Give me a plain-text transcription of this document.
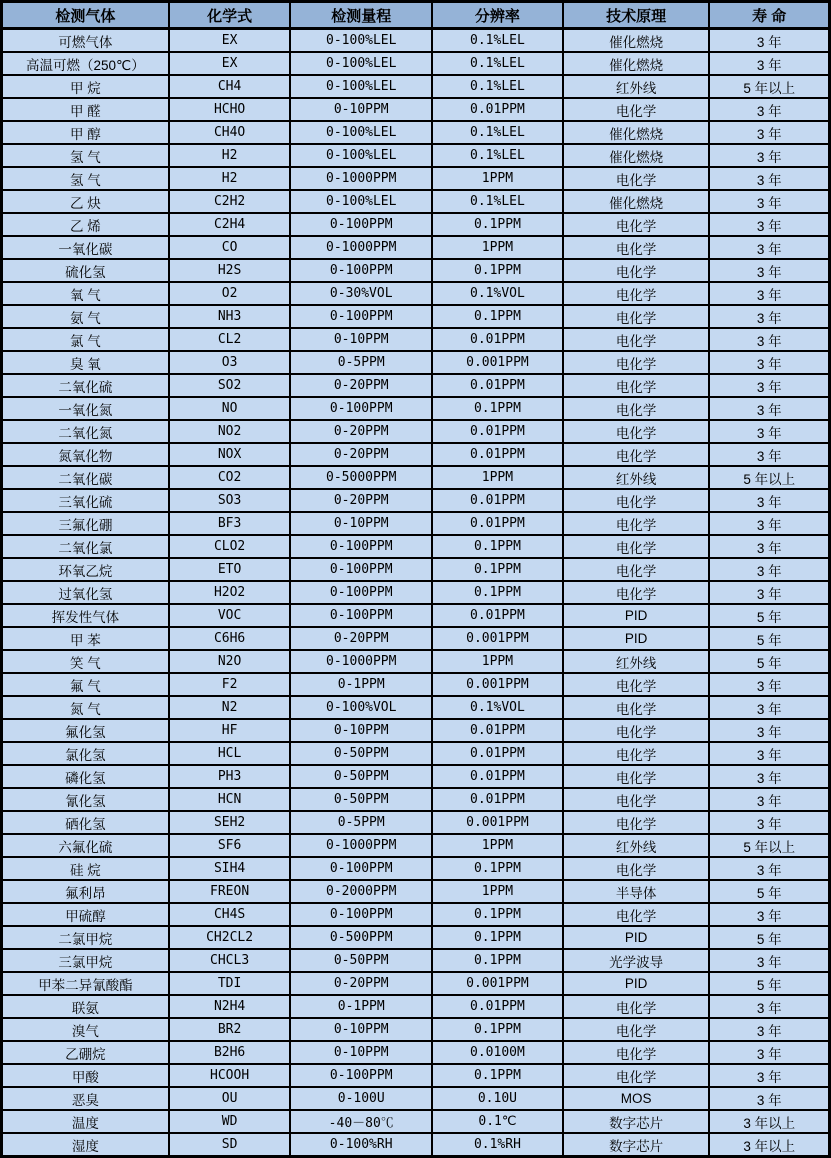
检测气体	化学式	检测量程	分辨率	技术原理	寿 命
可燃气体	EX	0-100%LEL	0.1%LEL	催化燃烧	3 年
高温可燃（250℃）	EX	0-100%LEL	0.1%LEL	催化燃烧	3 年
甲 烷	CH4	0-100%LEL	0.1%LEL	红外线	5 年以上
甲 醛	HCHO	0-10PPM	0.01PPM	电化学	3 年
甲 醇	CH4O	0-100%LEL	0.1%LEL	催化燃烧	3 年
氢 气	H2	0-100%LEL	0.1%LEL	催化燃烧	3 年
氢 气	H2	0-1000PPM	1PPM	电化学	3 年
乙 炔	C2H2	0-100%LEL	0.1%LEL	催化燃烧	3 年
乙 烯	C2H4	0-100PPM	0.1PPM	电化学	3 年
一氧化碳	CO	0-1000PPM	1PPM	电化学	3 年
硫化氢	H2S	0-100PPM	0.1PPM	电化学	3 年
氧 气	O2	0-30%VOL	0.1%VOL	电化学	3 年
氨 气	NH3	0-100PPM	0.1PPM	电化学	3 年
氯 气	CL2	0-10PPM	0.01PPM	电化学	3 年
臭 氧	O3	0-5PPM	0.001PPM	电化学	3 年
二氧化硫	SO2	0-20PPM	0.01PPM	电化学	3 年
一氧化氮	NO	0-100PPM	0.1PPM	电化学	3 年
二氧化氮	NO2	0-20PPM	0.01PPM	电化学	3 年
氮氧化物	NOX	0-20PPM	0.01PPM	电化学	3 年
二氧化碳	CO2	0-5000PPM	1PPM	红外线	5 年以上
三氧化硫	SO3	0-20PPM	0.01PPM	电化学	3 年
三氟化硼	BF3	0-10PPM	0.01PPM	电化学	3 年
二氧化氯	CLO2	0-100PPM	0.1PPM	电化学	3 年
环氧乙烷	ETO	0-100PPM	0.1PPM	电化学	3 年
过氧化氢	H2O2	0-100PPM	0.1PPM	电化学	3 年
挥发性气体	VOC	0-100PPM	0.01PPM	PID	5 年
甲 苯	C6H6	0-20PPM	0.001PPM	PID	5 年
笑 气	N2O	0-1000PPM	1PPM	红外线	5 年
氟 气	F2	0-1PPM	0.001PPM	电化学	3 年
氮 气	N2	0-100%VOL	0.1%VOL	电化学	3 年
氟化氢	HF	0-10PPM	0.01PPM	电化学	3 年
氯化氢	HCL	0-50PPM	0.01PPM	电化学	3 年
磷化氢	PH3	0-50PPM	0.01PPM	电化学	3 年
氰化氢	HCN	0-50PPM	0.01PPM	电化学	3 年
硒化氢	SEH2	0-5PPM	0.001PPM	电化学	3 年
六氟化硫	SF6	0-1000PPM	1PPM	红外线	5 年以上
硅 烷	SIH4	0-100PPM	0.1PPM	电化学	3 年
氟利昂	FREON	0-2000PPM	1PPM	半导体	5 年
甲硫醇	CH4S	0-100PPM	0.1PPM	电化学	3 年
二氯甲烷	CH2CL2	0-500PPM	0.1PPM	PID	5 年
三氯甲烷	CHCL3	0-50PPM	0.1PPM	光学波导	3 年
甲苯二异氰酸酯	TDI	0-20PPM	0.001PPM	PID	5 年
联氨	N2H4	0-1PPM	0.01PPM	电化学	3 年
溴气	BR2	0-10PPM	0.1PPM	电化学	3 年
乙硼烷	B2H6	0-10PPM	0.0100M	电化学	3 年
甲酸	HCOOH	0-100PPM	0.1PPM	电化学	3 年
恶臭	OU	0-100U	0.10U	MOS	3 年
温度	WD	-40－80℃	0.1℃	数字芯片	3 年以上
湿度	SD	0-100%RH	0.1%RH	数字芯片	3 年以上
